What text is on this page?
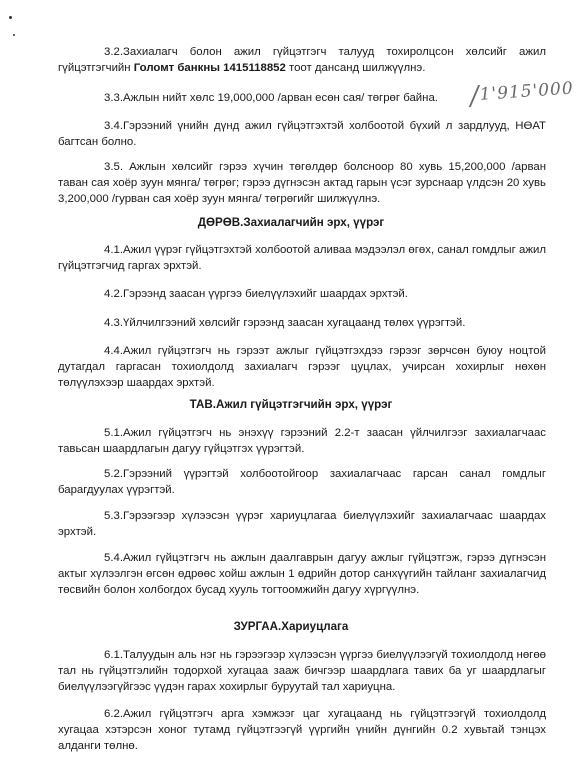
3.2.Захиалагч болон ажил гүйцэтгэгч талууд тохиролцсон хөлсийг ажил гүйцэтгэгчийн Голомт банкны 1415118852 тоот дансанд шилжүүлнэ.

3.3.Ажлын нийт хөлс 19,000,000 /арван есөн сая/ төгрөг байна.	/1'915'000

3.4.Гэрээний үнийн дүнд ажил гүйцэтгэхтэй холбоотой бүхий л зардлууд, НӨАТ багтсан болно.

3.5. Ажлын хөлсийг гэрээ хүчин төгөлдөр болсноор 80 хувь 15,200,000 /арван таван сая хоёр зуун мянга/ төгрөг; гэрээ дүгнэсэн актад гарын үсэг зурснаар үлдсэн 20 хувь 3,200,000 /гурван сая хоёр зуун мянга/ төгрөгийг шилжүүлнэ.

ДӨРӨВ.Захиалагчийн эрх, үүрэг

4.1.Ажил үүрэг гүйцэтгэхтэй холбоотой аливаа мэдээлэл өгөх, санал гомдлыг ажил гүйцэтгэгчид гаргах эрхтэй.

4.2.Гэрээнд заасан үүргээ биелүүлэхийг шаардах эрхтэй.

4.3.Үйлчилгээний хөлсийг гэрээнд заасан хугацаанд төлөх үүрэгтэй.

4.4.Ажил гүйцэтгэгч нь гэрээт ажлыг гүйцэтгэхдээ гэрээг зөрчсөн буюу ноцтой дутагдал гаргасан тохиолдолд захиалагч гэрээг цуцлах, учирсан хохирлыг нөхөн төлүүлэхээр шаардах эрхтэй.

ТАВ.Ажил гүйцэтгэгчийн эрх, үүрэг

5.1.Ажил гүйцэтгэгч нь энэхүү гэрээний 2.2-т заасан үйлчилгээг захиалагчаас тавьсан шаардлагын дагуу гүйцэтгэх үүрэгтэй.

5.2.Гэрээний үүрэгтэй холбоотойгоор захиалагчаас гарсан санал гомдлыг барагдуулах үүрэгтэй.

5.3.Гэрээгээр хүлээсэн үүрэг хариуцлагаа биелүүлэхийг захиалагчаас шаардах эрхтэй.

5.4.Ажил гүйцэтгэгч нь ажлын даалгаврын дагуу ажлыг гүйцэтгэж, гэрээ дүгнэсэн актыг хүлээлгэн өгсөн өдрөөс хойш ажлын 1 өдрийн дотор санхүүгийн тайланг захиалагчид төсвийн болон холбогдох бусад хууль тогтоомжийн дагуу хүргүүлнэ.

ЗУРГАА.Хариуцлага

6.1.Талуудын аль нэг нь гэрээгээр хүлээсэн үүргээ биелүүлээгүй тохиолдолд нөгөө тал нь гүйцэтгэлийн тодорхой хугацаа зааж бичгээр шаардлага тавих ба уг шаардлагыг биелүүлээгүйгээс үүдэн гарах хохирлыг буруутай тал хариуцна.

6.2.Ажил гүйцэтгэгч арга хэмжээг цаг хугацаанд нь гүйцэтгээгүй тохиолдолд хугацаа хэтэрсэн хоног тутамд гүйцэтгээгүй үүргийн үнийн дүнгийн 0.2 хувьтай тэнцэх алданги төлнө.
